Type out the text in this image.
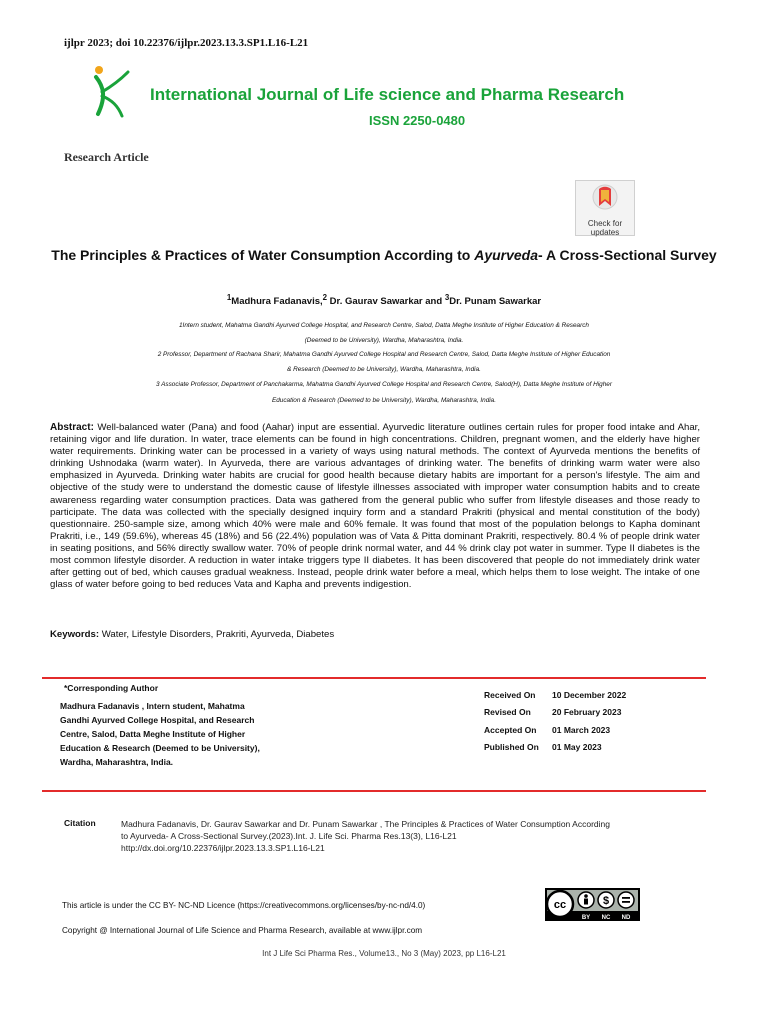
ijlpr 2023; doi 10.22376/ijlpr.2023.13.3.SP1.L16-L21
International Journal of Life science and Pharma Research
ISSN 2250-0480
Research Article
Check for updates
The Principles & Practices of Water Consumption According to Ayurveda- A Cross-Sectional Survey
$^1$Madhura Fadanavis,$^2$ Dr. Gaurav Sawarkar and $^3$Dr. Punam Sawarkar
1Intern student, Mahatma Gandhi Ayurved College Hospital, and Research Centre, Salod, Datta Meghe Institute of Higher Education & Research
(Deemed to be University), Wardha, Maharashtra, India.
2 Professor, Department of Rachana Sharir, Mahatma Gandhi Ayurved College Hospital and Research Centre, Salod, Datta Meghe Institute of Higher Education
& Research (Deemed to be University), Wardha, Maharashtra, India.
3 Associate Professor, Department of Panchakarma, Mahatma Gandhi Ayurved College Hospital and Research Centre, Salod(H), Datta Meghe Institute of Higher
Education & Research (Deemed to be University), Wardha, Maharashtra, India.
Abstract: Well-balanced water (Pana) and food (Aahar) input are essential. Ayurvedic literature outlines certain rules for proper food intake and Ahar, retaining vigor and life duration. In water, trace elements can be found in high concentrations. Children, pregnant women, and the elderly have higher water requirements. Drinking water can be processed in a variety of ways using natural methods. The context of Ayurveda mentions the benefits of drinking Ushnodaka (warm water). In Ayurveda, there are various advantages of drinking water. The benefits of drinking warm water were also emphasized in Ayurveda. Drinking water habits are crucial for good health because dietary habits are important for a person's lifestyle. The aim and objective of the study were to understand the domestic cause of lifestyle illnesses associated with improper water consumption habits and to create awareness regarding water consumption practices. Data was gathered from the general public who suffer from lifestyle diseases and those ready to participate. The data was collected with the specially designed inquiry form and a standard Prakriti (physical and mental constitution of the body) questionnaire. 250-sample size, among which 40% were male and 60% female. It was found that most of the population belongs to Kapha dominant Prakriti, i.e., 149 (59.6%), whereas 45 (18%) and 56 (22.4%) population was of Vata & Pitta dominant Prakriti, respectively. 80.4 % of people drink water in seating positions, and 56% directly swallow water. 70% of people drink normal water, and 44 % drink clay pot water in summer. Type II diabetes is the most common lifestyle disorder. A reduction in water intake triggers type II diabetes. It has been discovered that people do not immediately drink water after getting out of bed, which causes gradual weakness. Instead, people drink water before a meal, which helps them to lose weight. The intake of one glass of water before going to bed reduces Vata and Kapha and prevents indigestion.
Keywords: Water, Lifestyle Disorders, Prakriti, Ayurveda, Diabetes
*Corresponding Author
Madhura Fadanavis , Intern student, Mahatma
Gandhi Ayurved College Hospital, and Research
Centre, Salod, Datta Meghe Institute of Higher
Education & Research (Deemed to be University),
Wardha, Maharashtra, India.
Received On	10 December 2022
Revised On	20 February 2023
Accepted On	01 March 2023
Published On	01 May 2023
Citation	Madhura Fadanavis, Dr. Gaurav Sawarkar and Dr. Punam Sawarkar , The Principles & Practices of Water Consumption According
to Ayurveda- A Cross-Sectional Survey.(2023).Int. J. Life Sci. Pharma Res.13(3), L16-L21
http://dx.doi.org/10.22376/ijlpr.2023.13.3.SP1.L16-L21
This article is under the CC BY- NC-ND Licence (https://creativecommons.org/licenses/by-nc-nd/4.0)	cc	$
BY NC ND
Copyright @ International Journal of Life Science and Pharma Research, available at www.ijlpr.com
Int J Life Sci Pharma Res., Volume13., No 3 (May) 2023, pp L16-L21
